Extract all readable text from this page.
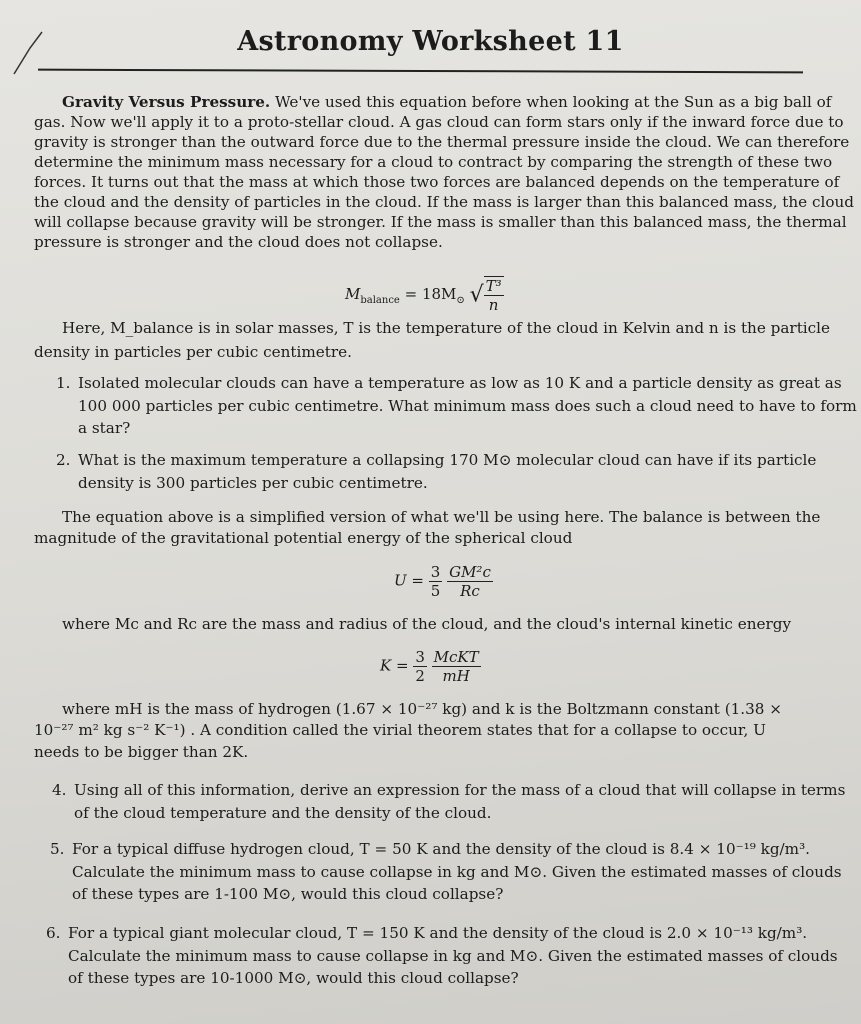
Astronomy Worksheet 11
Gravity Versus Pressure. We've used this equation before when looking at the Sun as a big ball of
gas. Now we'll apply it to a proto-stellar cloud. A gas cloud can form stars only if the inward force due to
gravity is stronger than the outward force due to the thermal pressure inside the cloud. We can therefore
determine the minimum mass necessary for a cloud to contract by comparing the strength of these two
forces. It turns out that the mass at which those two forces are balanced depends on the temperature of
the cloud and the density of particles in the cloud. If the mass is larger than this balanced mass, the cloud
will collapse because gravity will be stronger. If the mass is smaller than this balanced mass, the thermal
pressure is stronger and the cloud does not collapse.
$M_{balance} = 18M_⊙$ √ $\frac{\text{T³}}{n}$
Here, M_balance is in solar masses, T is the temperature of the cloud in Kelvin and n is the particle
density in particles per cubic centimetre.
1. Isolated molecular clouds can have a temperature as low as 10 K and a particle density as great as
100 000 particles per cubic centimetre. What minimum mass does such a cloud need to have to form
a star?
2. What is the maximum temperature a collapsing 170 M⊙ molecular cloud can have if its particle
density is 300 particles per cubic centimetre.
The equation above is a simplified version of what we'll be using here. The balance is between the
magnitude of the gravitational potential energy of the spherical cloud
$U = \frac{3}{5}$
$\frac{\text{GM²c}}{Rc}$
where Mc and Rc are the mass and radius of the cloud, and the cloud's internal kinetic energy
$K = \frac{3}{2}$
$\frac{\text{McKT}}{mH}$
where mH is the mass of hydrogen (1.67 × 10⁻²⁷ kg) and k is the Boltzmann constant (1.38 ×
10⁻²⁷ m² kg s⁻² K⁻¹) . A condition called the virial theorem states that for a collapse to occur, U
needs to be bigger than 2K.
4. Using all of this information, derive an expression for the mass of a cloud that will collapse in terms
of the cloud temperature and the density of the cloud.
5. For a typical diffuse hydrogen cloud, T = 50 K and the density of the cloud is 8.4 × 10⁻¹⁹ kg/m³.
Calculate the minimum mass to cause collapse in kg and M⊙. Given the estimated masses of clouds
of these types are 1-100 M⊙, would this cloud collapse?
6. For a typical giant molecular cloud, T = 150 K and the density of the cloud is 2.0 × 10⁻¹³ kg/m³.
Calculate the minimum mass to cause collapse in kg and M⊙. Given the estimated masses of clouds
of these types are 10-1000 M⊙, would this cloud collapse?
